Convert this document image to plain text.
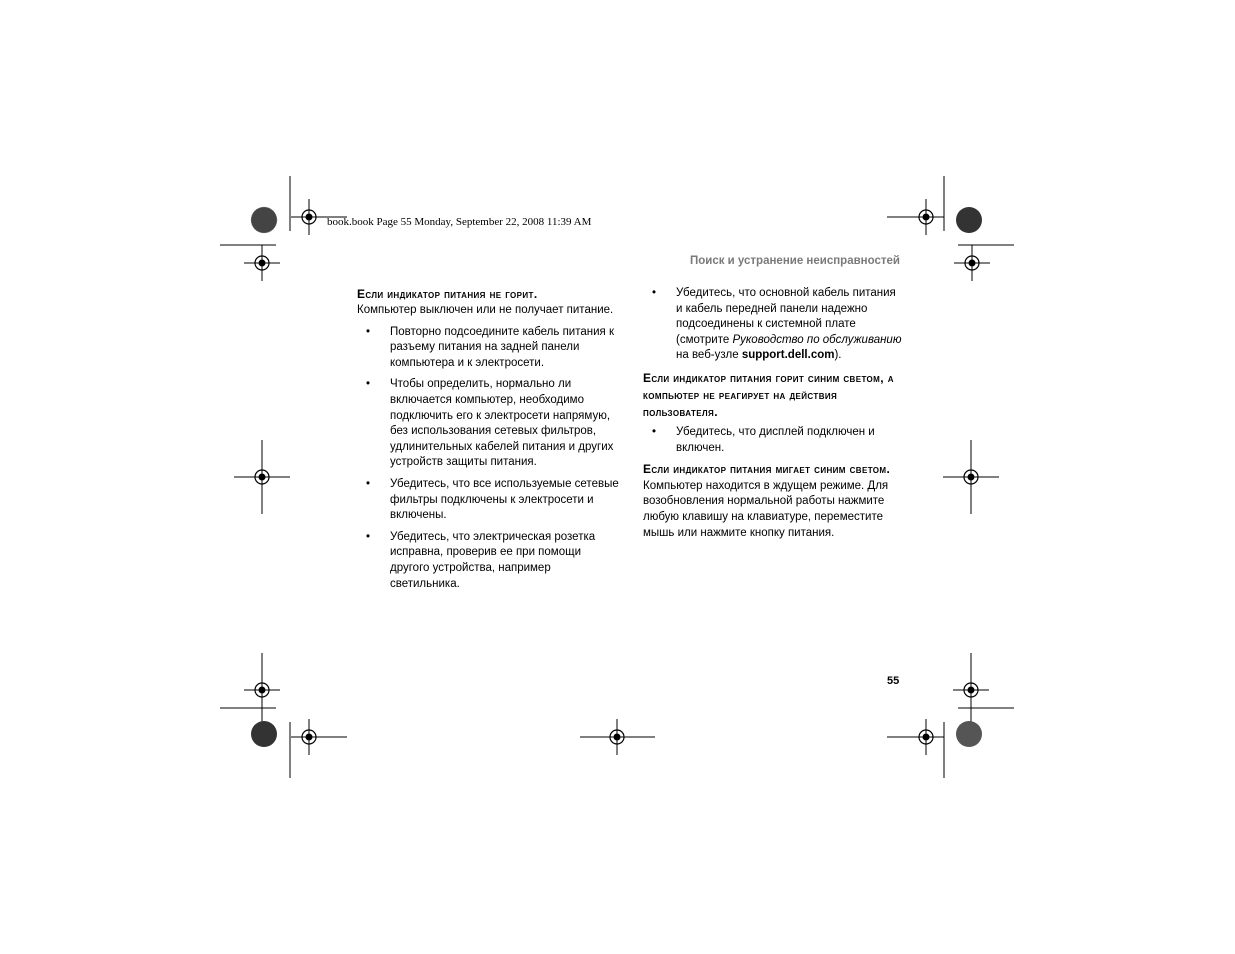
book.book Page 55 Monday, September 22, 2008 11:39 AM
Поиск и устранение неисправностей
Если индикатор питания не горит.

Компьютер выключен или не получает питание.

• Повторно подсоедините кабель питания к разъему питания на задней панели компьютера и к электросети.
• Чтобы определить, нормально ли включается компьютер, необходимо подключить его к электросети напрямую, без использования сетевых фильтров, удлинительных кабелей питания и других устройств защиты питания.
• Убедитесь, что все используемые сетевые фильтры подключены к электросети и включены.
• Убедитесь, что электрическая розетка исправна, проверив ее при помощи другого устройства, например светильника.
• Убедитесь, что основной кабель питания и кабель передней панели надежно подсоединены к системной плате (смотрите Руководство по обслуживанию на веб-узле support.dell.com).
Если индикатор питания горит синим светом, а компьютер не реагирует на действия пользователя.
• Убедитесь, что дисплей подключен и включен.
Если индикатор питания мигает синим светом. Компьютер находится в ждущем режиме. Для возобновления нормальной работы нажмите любую клавишу на клавиатуре, переместите мышь или нажмите кнопку питания.
55
